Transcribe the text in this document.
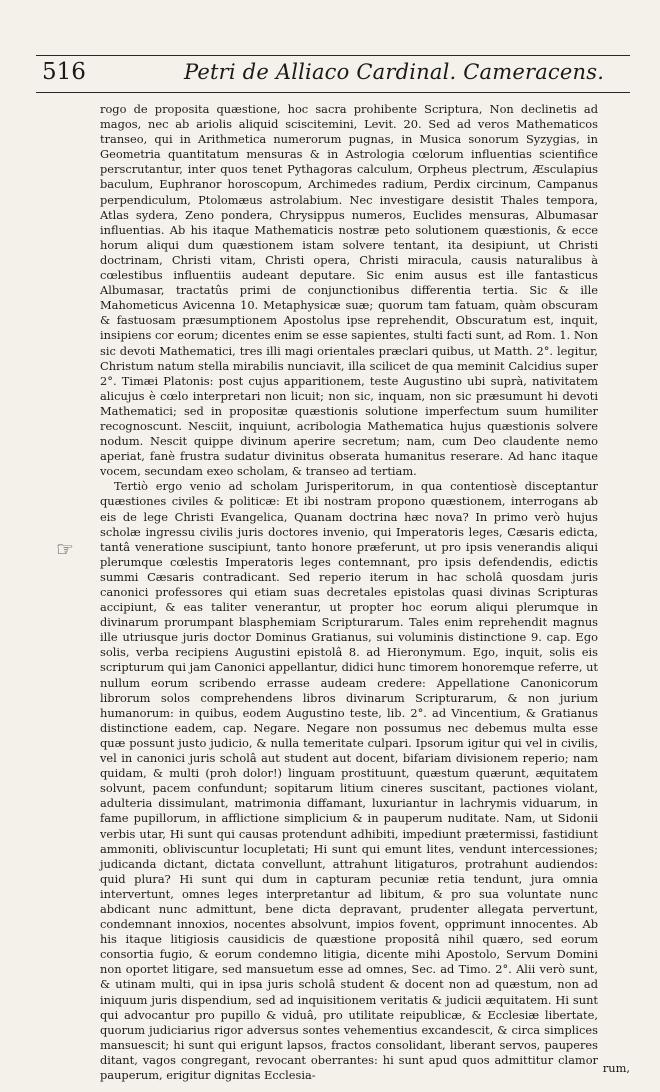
516	Petri de Alliaco Cardinal. Cameracens.
☞

rogo de proposita quæstione, hoc sacra prohibente Scriptura, Non declinetis ad magos, nec ab ariolis aliquid sciscitemini, Levit. 20. Sed ad veros Mathematicos transeo, qui in Arithmetica numerorum pugnas, in Musica sonorum Syzygias, in Geometria quantitatum mensuras & in Astrologia cœlorum influentias scientifice perscrutantur, inter quos tenet Pythagoras calculum, Orpheus plectrum, Æsculapius baculum, Euphranor horoscopum, Archimedes radium, Perdix circinum, Campanus perpendiculum, Ptolomæus astrolabium. Nec investigare desistit Thales tempora, Atlas sydera, Zeno pondera, Chrysippus numeros, Euclides mensuras, Albumasar influentias. Ab his itaque Mathematicis nostræ peto solutionem quæstionis, & ecce horum aliqui dum quæstionem istam solvere tentant, ita desipiunt, ut Christi doctrinam, Christi vitam, Christi opera, Christi miracula, causis naturalibus à cœlestibus influentiis audeant deputare. Sic enim ausus est ille fantasticus Albumasar, tractatûs primi de conjunctionibus differentia tertia. Sic & ille Mahometicus Avicenna 10. Metaphysicæ suæ; quorum tam fatuam, quàm obscuram & fastuosam præsumptionem Apostolus ipse reprehendit, Obscuratum est, inquit, insipiens cor eorum; dicentes enim se esse sapientes, stulti facti sunt, ad Rom. 1. Non sic devoti Mathematici, tres illi magi orientales præclari quibus, ut Matth. 2°. legitur, Christum natum stella mirabilis nunciavit, illa scilicet de qua meminit Calcidius super 2°. Timæi Platonis: post cujus apparitionem, teste Augustino ubi suprà, nativitatem alicujus è cœlo interpretari non licuit; non sic, inquam, non sic præsumunt hi devoti Mathematici; sed in propositæ quæstionis solutione imperfectum suum humiliter recognoscunt. Nesciit, inquiunt, acribologia Mathematica hujus quæstionis solvere nodum. Nescit quippe divinum aperire secretum; nam, cum Deo claudente nemo aperiat, fanè frustra sudatur divinitus obserata humanitus reserare. Ad hanc itaque vocem, secundam exeo scholam, & transeo ad tertiam.

Tertiò ergo venio ad scholam Jurisperitorum, in qua contentiosè disceptantur quæstiones civiles & politicæ: Et ibi nostram propono quæstionem, interrogans ab eis de lege Christi Evangelica, Quanam doctrina hæc nova? In primo verò hujus scholæ ingressu civilis juris doctores invenio, qui Imperatoris leges, Cæsaris edicta, tantâ veneratione suscipiunt, tanto honore præferunt, ut pro ipsis venerandis aliqui plerumque cœlestis Imperatoris leges contemnant, pro ipsis defendendis, edictis summi Cæsaris contradicant. Sed reperio iterum in hac scholâ quosdam juris canonici professores qui etiam suas decretales epistolas quasi divinas Scripturas accipiunt, & eas taliter venerantur, ut propter hoc eorum aliqui plerumque in divinarum prorumpant blasphemiam Scripturarum. Tales enim reprehendit magnus ille utriusque juris doctor Dominus Gratianus, sui voluminis distinctione 9. cap. Ego solis, verba recipiens Augustini epistolâ 8. ad Hieronymum. Ego, inquit, solis eis scripturum qui jam Canonici appellantur, didici hunc timorem honoremque referre, ut nullum eorum scribendo errasse audeam credere: Appellatione Canonicorum librorum solos comprehendens libros divinarum Scripturarum, & non jurium humanorum: in quibus, eodem Augustino teste, lib. 2°. ad Vincentium, & Gratianus distinctione eadem, cap. Negare. Negare non possumus nec debemus multa esse quæ possunt justo judicio, & nulla temeritate culpari. Ipsorum igitur qui vel in civilis, vel in canonici juris scholâ aut student aut docent, bifariam divisionem reperio; nam quidam, & multi (proh dolor!) linguam prostituunt, quæstum quærunt, æquitatem solvunt, pacem confundunt; sopitarum litium cineres suscitant, pactiones violant, adulteria dissimulant, matrimonia diffamant, luxuriantur in lachrymis viduarum, in fame pupillorum, in afflictione simplicium & in pauperum nuditate. Nam, ut Sidonii verbis utar, Hi sunt qui causas protendunt adhibiti, impediunt prætermissi, fastidiunt ammoniti, obliviscuntur locupletati; Hi sunt qui emunt lites, vendunt intercessiones; judicanda dictant, dictata convellunt, attrahunt litigaturos, protrahunt audiendos: quid plura? Hi sunt qui dum in capturam pecuniæ retia tendunt, jura omnia intervertunt, omnes leges interpretantur ad libitum, & pro sua voluntate nunc abdicant nunc admittunt, bene dicta depravant, prudenter allegata pervertunt, condemnant innoxios, nocentes absolvunt, impios fovent, opprimunt innocentes. Ab his itaque litigiosis causidicis de quæstione propositâ nihil quæro, sed eorum consortia fugio, & eorum condemno litigia, dicente mihi Apostolo, Servum Domini non oportet litigare, sed mansuetum esse ad omnes, Sec. ad Timo. 2°. Alii verò sunt, & utinam multi, qui in ipsa juris scholâ student & docent non ad quæstum, non ad iniquum juris dispendium, sed ad inquisitionem veritatis & judicii æquitatem. Hi sunt qui advocantur pro pupillo & viduâ, pro utilitate reipublicæ, & Ecclesiæ libertate, quorum judiciarius rigor adversus sontes vehementius excandescit, & circa simplices mansuescit; hi sunt qui erigunt lapsos, fractos consolidant, liberant servos, pauperes ditant, vagos congregant, revocant oberrantes: hi sunt apud quos admittitur clamor pauperum, erigitur dignitas Ecclesia-	rum,
